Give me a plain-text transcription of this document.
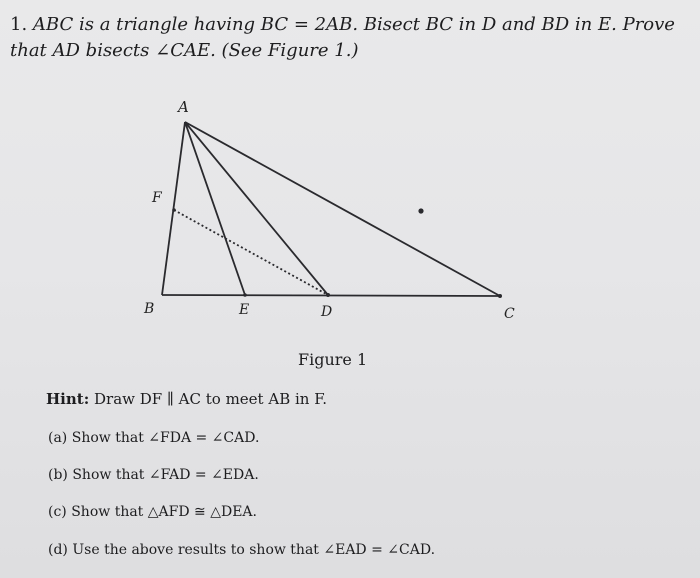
1. ABC is a triangle having BC = 2AB. Bisect BC in D and BD in E. Prove
that AD bisects ∠CAE. (See Figure 1.)
A
F
B	E	D	C
Figure 1
Hint: Draw DF ∥ AC to meet AB in F.
(a) Show that ∠FDA = ∠CAD.
(b) Show that ∠FAD = ∠EDA.
(c) Show that △AFD ≅ △DEA.
(d) Use the above results to show that ∠EAD = ∠CAD.
